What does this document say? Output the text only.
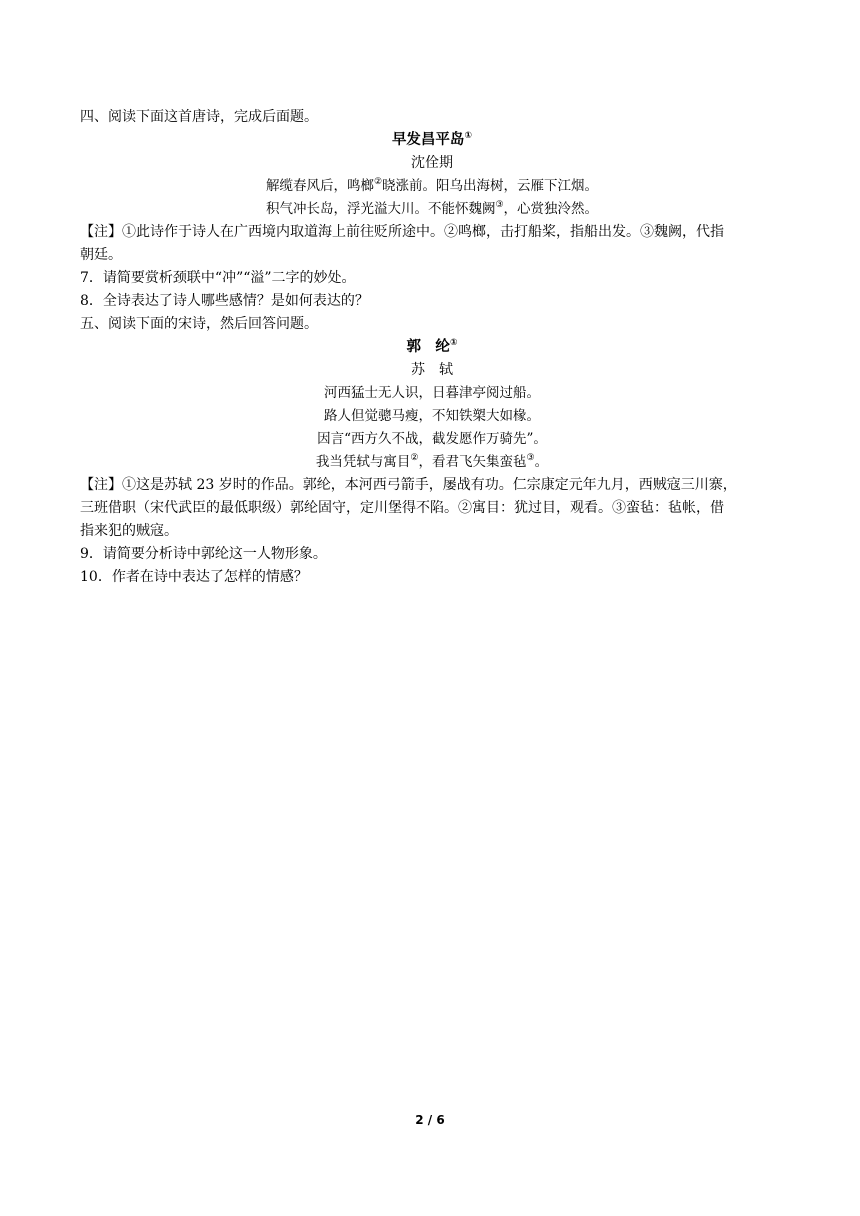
四、阅读下面这首唐诗，完成后面题。
早发昌平岛①
沈佺期
解缆春风后，鸣榔②晓涨前。阳乌出海树，云雁下江烟。
积气冲长岛，浮光溢大川。不能怀魏阙③，心赏独泠然。
【注】①此诗作于诗人在广西境内取道海上前往贬所途中。②鸣榔，击打船桨，指船出发。③魏阙，代指
朝廷。
7．请简要赏析颈联中“冲”“溢”二字的妙处。
8．全诗表达了诗人哪些感情？是如何表达的？
五、阅读下面的宋诗，然后回答问题。
郭　纶①
苏　轼
河西猛士无人识，日暮津亭阅过船。
路人但觉骢马瘦，不知铁槊大如椽。
因言“西方久不战，截发愿作万骑先”。
我当凭轼与寓目②，看君飞矢集蛮毡③。
【注】①这是苏轼 23 岁时的作品。郭纶，本河西弓箭手，屡战有功。仁宗康定元年九月，西贼寇三川寨，
三班借职（宋代武臣的最低职级）郭纶固守，定川堡得不陷。②寓目：犹过目，观看。③蛮毡：毡帐，借
指来犯的贼寇。
9．请简要分析诗中郭纶这一人物形象。
10．作者在诗中表达了怎样的情感？
2 / 6
